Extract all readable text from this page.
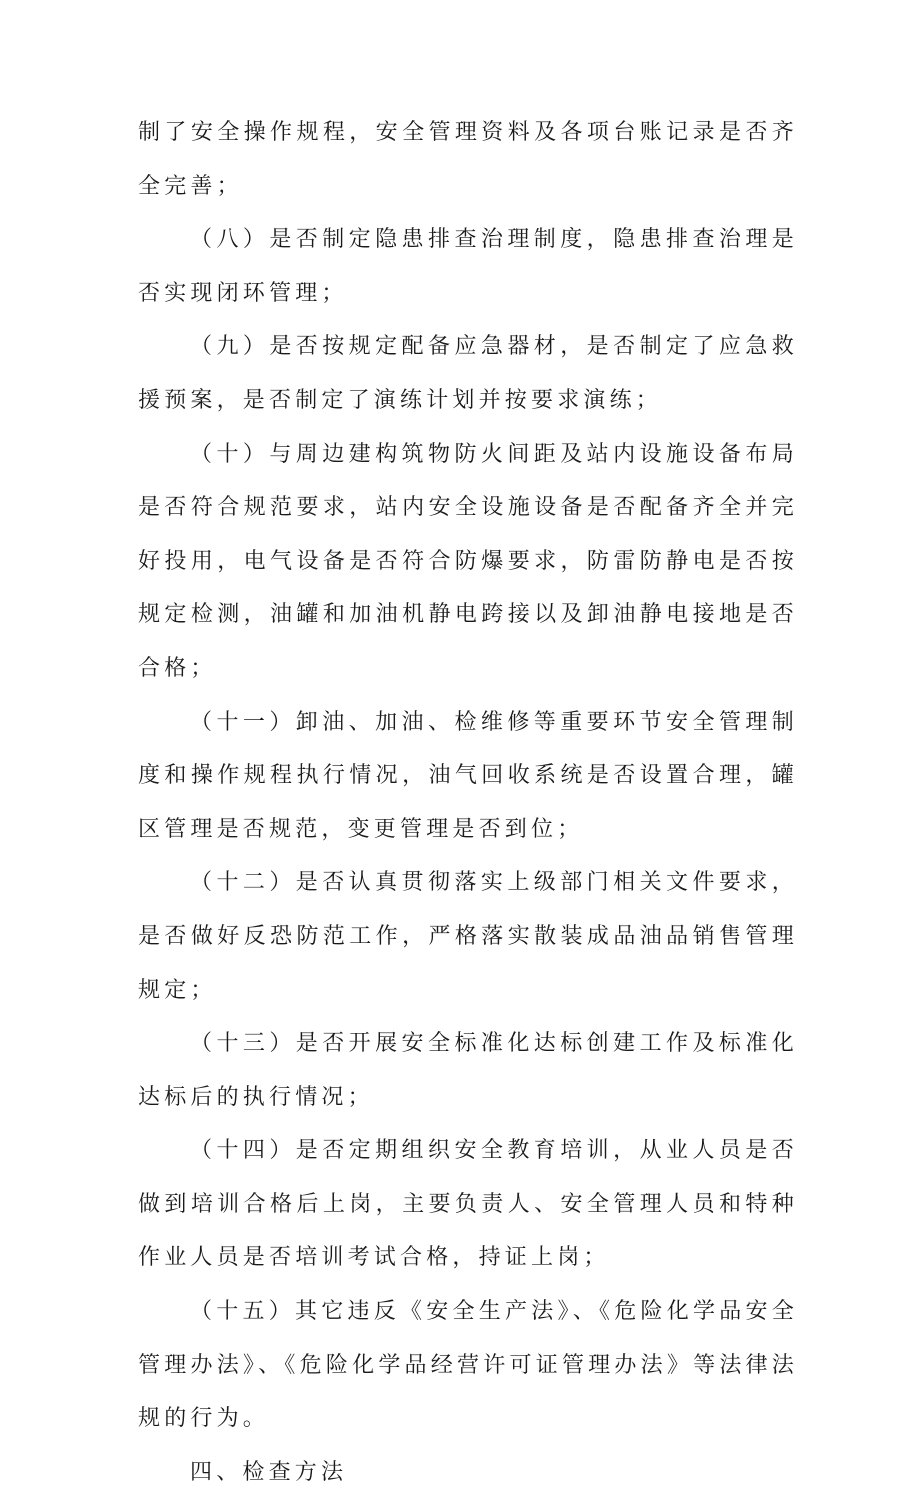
制了安全操作规程，安全管理资料及各项台账记录是否齐全完善；

（八）是否制定隐患排查治理制度，隐患排查治理是否实现闭环管理；

（九）是否按规定配备应急器材，是否制定了应急救援预案，是否制定了演练计划并按要求演练；

（十）与周边建构筑物防火间距及站内设施设备布局是否符合规范要求，站内安全设施设备是否配备齐全并完好投用，电气设备是否符合防爆要求，防雷防静电是否按规定检测，油罐和加油机静电跨接以及卸油静电接地是否合格；

（十一）卸油、加油、检维修等重要环节安全管理制度和操作规程执行情况，油气回收系统是否设置合理，罐区管理是否规范，变更管理是否到位；

（十二）是否认真贯彻落实上级部门相关文件要求，是否做好反恐防范工作，严格落实散装成品油品销售管理规定；

（十三）是否开展安全标准化达标创建工作及标准化达标后的执行情况；

（十四）是否定期组织安全教育培训，从业人员是否做到培训合格后上岗，主要负责人、安全管理人员和特种作业人员是否培训考试合格，持证上岗；

（十五）其它违反《安全生产法》、《危险化学品安全管理办法》、《危险化学品经营许可证管理办法》等法律法规的行为。

四、检查方法
